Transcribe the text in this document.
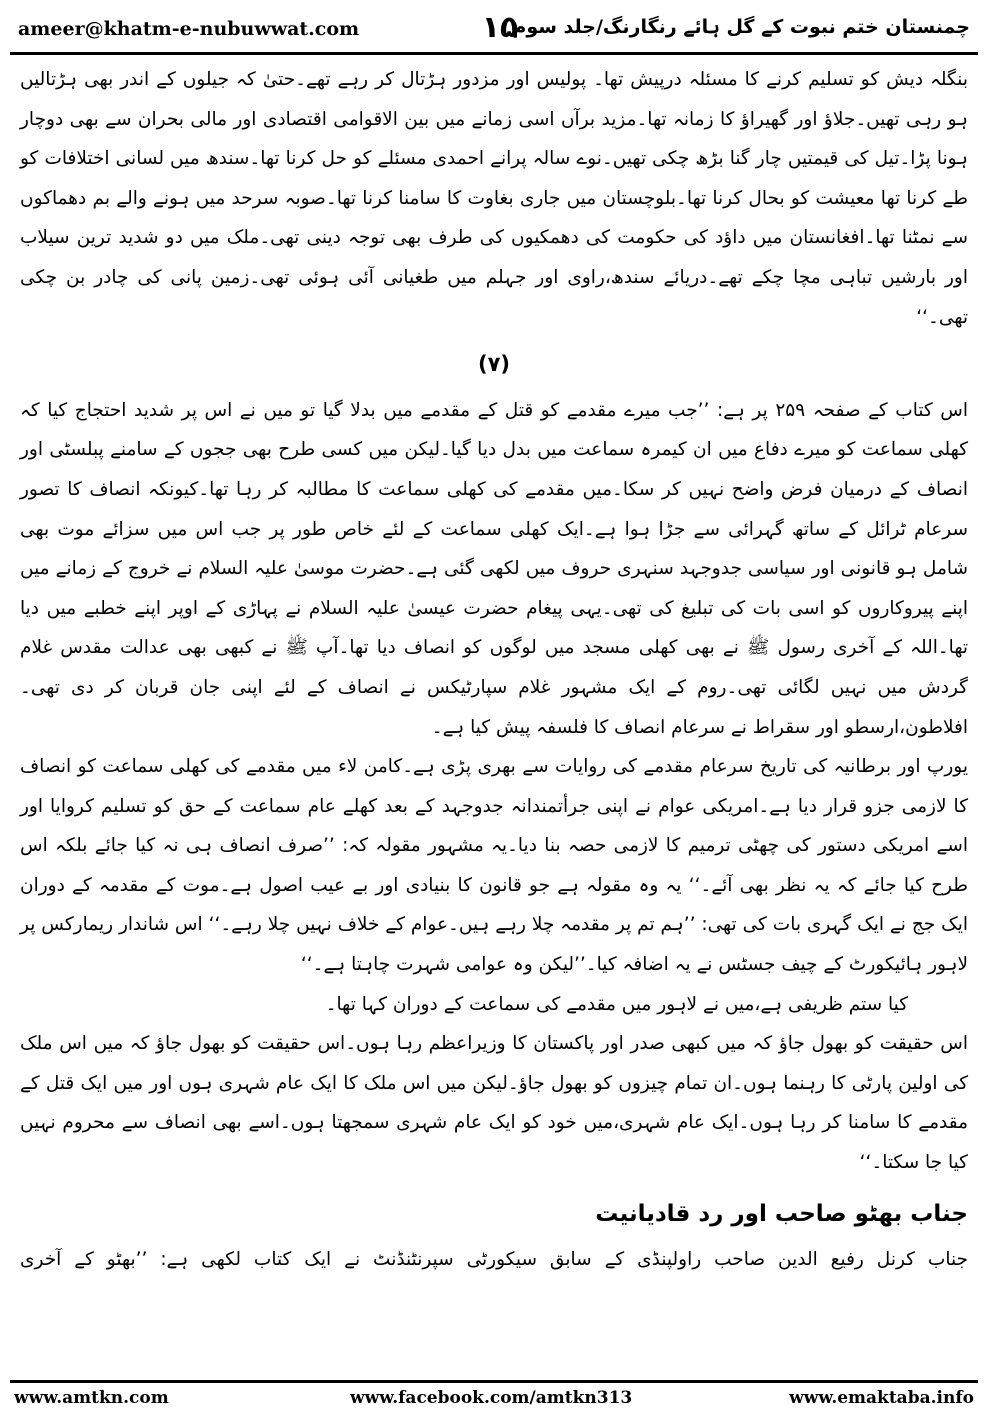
ameer@khatm-e-nubuwwat.com	۱۵
چمنستان ختم نبوت کے گل ہائے رنگارنگ/جلد سوم

بنگلہ دیش کو تسلیم کرنے کا مسئلہ درپیش تھا۔ پولیس اور مزدور ہڑتال کر رہے تھے۔حتیٰ کہ جیلوں کے اندر بھی ہڑتالیں ہو رہی تھیں۔جلاؤ اور گھیراؤ کا زمانہ تھا۔مزید برآں اسی زمانے میں بین الاقوامی اقتصادی اور مالی بحران سے بھی دوچار ہونا پڑا۔تیل کی قیمتیں چار گنا بڑھ چکی تھیں۔نوے سالہ پرانے احمدی مسئلے کو حل کرنا تھا۔سندھ میں لسانی اختلافات کو طے کرنا تھا معیشت کو بحال کرنا تھا۔بلوچستان میں جاری بغاوت کا سامنا کرنا تھا۔صوبہ سرحد میں ہونے والے بم دھماکوں سے نمٹنا تھا۔افغانستان میں داؤد کی حکومت کی دھمکیوں کی طرف بھی توجہ دینی تھی۔ملک میں دو شدید ترین سیلاب اور بارشیں تباہی مچا چکے تھے۔دریائے سندھ،راوی اور جہلم میں طغیانی آئی ہوئی تھی۔زمین پانی کی چادر بن چکی تھی۔‘‘

(۷)

اس کتاب کے صفحہ ۲۵۹ پر ہے: ’’جب میرے مقدمے کو قتل کے مقدمے میں بدلا گیا تو میں نے اس پر شدید احتجاج کیا کہ کھلی سماعت کو میرے دفاع میں ان کیمرہ سماعت میں بدل دیا گیا۔لیکن میں کسی طرح بھی ججوں کے سامنے پبلسٹی اور انصاف کے درمیان فرض واضح نہیں کر سکا۔میں مقدمے کی کھلی سماعت کا مطالبہ کر رہا تھا۔کیونکہ انصاف کا تصور سرعام ٹرائل کے ساتھ گہرائی سے جڑا ہوا ہے۔ایک کھلی سماعت کے لئے خاص طور پر جب اس میں سزائے موت بھی شامل ہو قانونی اور سیاسی جدوجہد سنہری حروف میں لکھی گئی ہے۔حضرت موسیٰ علیہ السلام نے خروج کے زمانے میں اپنے پیروکاروں کو اسی بات کی تبلیغ کی تھی۔یہی پیغام حضرت عیسیٰ علیہ السلام نے پہاڑی کے اوپر اپنے خطبے میں دیا تھا۔اللہ کے آخری رسول ﷺ نے بھی کھلی مسجد میں لوگوں کو انصاف دیا تھا۔آپ ﷺ نے کبھی بھی عدالت مقدس غلام گردش میں نہیں لگائی تھی۔روم کے ایک مشہور غلام سپارٹیکس نے انصاف کے لئے اپنی جان قربان کر دی تھی۔افلاطون،ارسطو اور سقراط نے سرعام انصاف کا فلسفہ پیش کیا ہے۔

یورپ اور برطانیہ کی تاریخ سرعام مقدمے کی روایات سے بھری پڑی ہے۔کامن لاء میں مقدمے کی کھلی سماعت کو انصاف کا لازمی جزو قرار دیا ہے۔امریکی عوام نے اپنی جرأتمندانہ جدوجہد کے بعد کھلے عام سماعت کے حق کو تسلیم کروایا اور اسے امریکی دستور کی چھٹی ترمیم کا لازمی حصہ بنا دیا۔یہ مشہور مقولہ کہ: ’’صرف انصاف ہی نہ کیا جائے بلکہ اس طرح کیا جائے کہ یہ نظر بھی آئے۔‘‘ یہ وہ مقولہ ہے جو قانون کا بنیادی اور بے عیب اصول ہے۔موت کے مقدمہ کے دوران ایک جج نے ایک گہری بات کی تھی: ’’ہم تم پر مقدمہ چلا رہے ہیں۔عوام کے خلاف نہیں چلا رہے۔‘‘ اس شاندار ریمارکس پر لاہور ہائیکورٹ کے چیف جسٹس نے یہ اضافہ کیا۔’’لیکن وہ عوامی شہرت چاہتا ہے۔‘‘

کیا ستم ظریفی ہے،میں نے لاہور میں مقدمے کی سماعت کے دوران کہا تھا۔

اس حقیقت کو بھول جاؤ کہ میں کبھی صدر اور پاکستان کا وزیراعظم رہا ہوں۔اس حقیقت کو بھول جاؤ کہ میں اس ملک کی اولین پارٹی کا رہنما ہوں۔ان تمام چیزوں کو بھول جاؤ۔لیکن میں اس ملک کا ایک عام شہری ہوں اور میں ایک قتل کے مقدمے کا سامنا کر رہا ہوں۔ایک عام شہری،میں خود کو ایک عام شہری سمجھتا ہوں۔اسے بھی انصاف سے محروم نہیں کیا جا سکتا۔‘‘

جناب بھٹو صاحب اور رد قادیانیت

جناب کرنل رفیع الدین صاحب راولپنڈی کے سابق سیکورٹی سپرنٹنڈنٹ نے ایک کتاب لکھی ہے: ’’بھٹو کے آخری

www.amtkn.com	www.facebook.com/amtkn313	www.emaktaba.info
